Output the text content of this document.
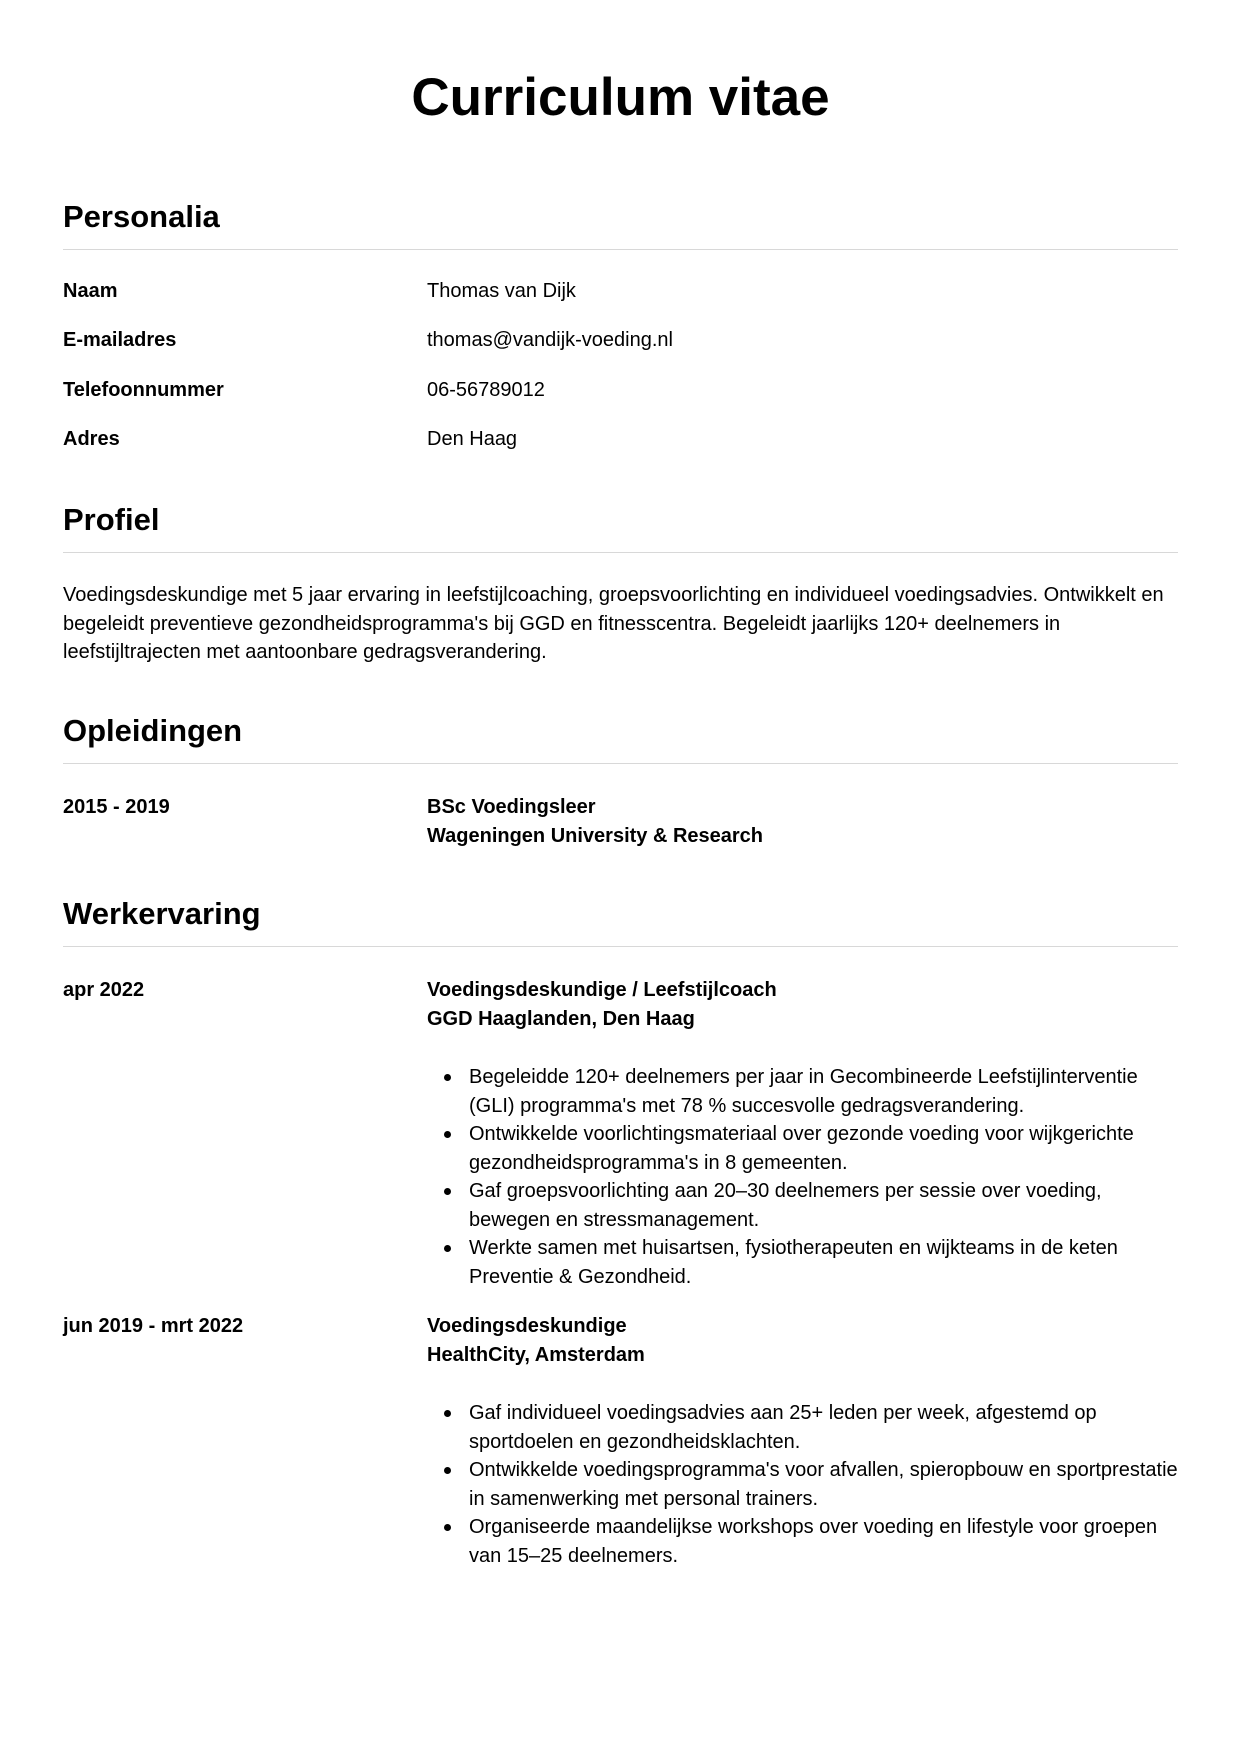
Curriculum vitae
Personalia
Naam	Thomas van Dijk
E-mailadres	thomas@vandijk-voeding.nl
Telefoonnummer	06-56789012
Adres	Den Haag
Profiel

Voedingsdeskundige met 5 jaar ervaring in leefstijlcoaching, groepsvoorlichting en individueel voedingsadvies. Ontwikkelt en begeleidt preventieve gezondheidsprogramma's bij GGD en fitnesscentra. Begeleidt jaarlijks 120+ deelnemers in leefstijltrajecten met aantoonbare gedragsverandering.

Opleidingen
2015 - 2019	BSc Voedingsleer
Wageningen University & Research
Werkervaring
apr 2022	Voedingsdeskundige / Leefstijlcoach
GGD Haaglanden, Den Haag
Begeleidde 120+ deelnemers per jaar in Gecombineerde Leefstijlinterventie (GLI) programma's met 78 % succesvolle gedragsverandering.
Ontwikkelde voorlichtingsmateriaal over gezonde voeding voor wijkgerichte gezondheidsprogramma's in 8 gemeenten.
Gaf groepsvoorlichting aan 20–30 deelnemers per sessie over voeding, bewegen en stressmanagement.
Werkte samen met huisartsen, fysiotherapeuten en wijkteams in de keten Preventie & Gezondheid.
jun 2019 - mrt 2022	Voedingsdeskundige
HealthCity, Amsterdam
Gaf individueel voedingsadvies aan 25+ leden per week, afgestemd op sportdoelen en gezondheidsklachten.
Ontwikkelde voedingsprogramma's voor afvallen, spieropbouw en sportprestatie in samenwerking met personal trainers.
Organiseerde maandelijkse workshops over voeding en lifestyle voor groepen van 15–25 deelnemers.
